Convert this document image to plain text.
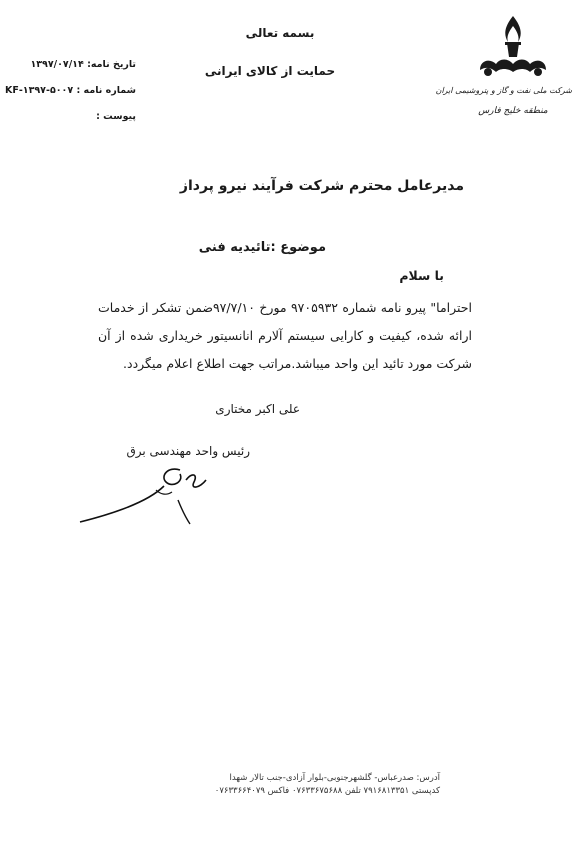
بسمه تعالی
حمایت از کالای ایرانی
تاریخ نامه: ۱۳۹۷/۰۷/۱۴
شماره نامه : ۵۰۰۷-۱۳۹۷-KF
پیوست :
شرکت ملی نفت و گاز و پتروشیمی ایران
منطقه خلیج فارس
مدیرعامل محترم شرکت فرآیند نیرو پرداز
موضوع :تائیدیه فنی
با سلام
احتراما" پیرو نامه شماره ۹۷۰۵۹۳۲ مورخ ۹۷/۷/۱۰ضمن تشکر از خدمات ارائه شده، کیفیت و کارایی سیستم آلارم انانسیتور خریداری شده از آن شرکت مورد تائید این واحد میباشد.مراتب جهت اطلاع اعلام میگردد.
علی اکبر مختاری
رئیس واحد مهندسی برق
آدرس: صدرعباس- گلشهرجنوبی-بلوار آزادی-جنب تالار شهدا
کدپستی ۷۹۱۶۸۱۳۳۵۱ تلفن ۰۷۶۳۳۶۷۵۶۸۸ فاکس ۰۷۶۳۳۶۶۴۰۷۹
